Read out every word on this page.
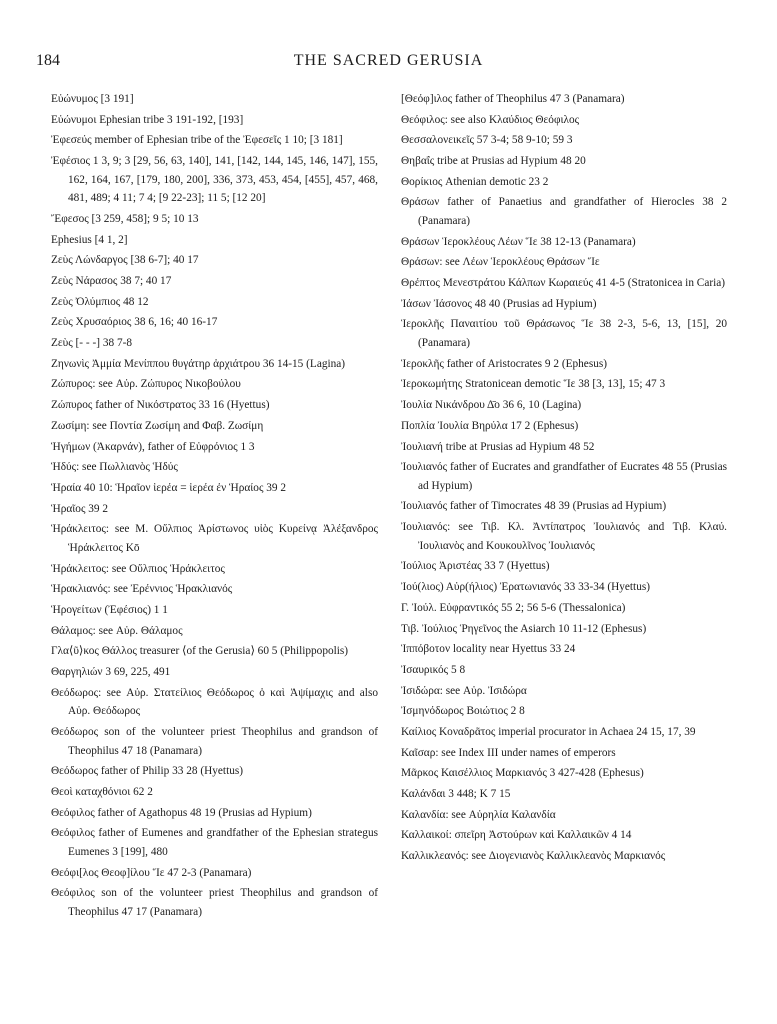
184	THE SACRED GERUSIA

Εὐώνυμος [3 191]

Εὐώνυμοι Ephesian tribe 3 191-192, [193]

Ἐφεσεύς member of Ephesian tribe of the Ἐφεσεῖς 1 10; [3 181]

Ἐφέσιος 1 3, 9; 3 [29, 56, 63, 140], 141, [142, 144, 145, 146, 147], 155, 162, 164, 167, [179, 180, 200], 336, 373, 453, 454, [455], 457, 468, 481, 489; 4 11; 7 4; [9 22-23]; 11 5; [12 20]

Ἔφεσος [3 259, 458]; 9 5; 10 13

Ephesius [4 1, 2]

Ζεὺς Λώνδαργος [38 6-7]; 40 17

Ζεὺς Νάρασος 38 7; 40 17

Ζεὺς Ὀλύμπιος 48 12

Ζεὺς Χρυσαόριος 38 6, 16; 40 16-17

Ζεὺς [- - -] 38 7-8

Ζηνωνὶς Ἀμμία Μενίππου θυγάτηρ ἀρχιάτρου 36 14-15 (Lagina)

Ζώπυρος: see Αὐρ. Ζώπυρος Νικοβούλου

Ζώπυρος father of Νικόστρατος 33 16 (Hyettus)

Ζωσίμη: see Ποντία Ζωσίμη and Φαβ. Ζωσίμη

Ἡγήμων (Ἀκαρνάν), father of Εὐφρόνιος 1 3

Ἡδύς: see Πωλλιανὸς Ἡδύς

Ἡραία 40 10: Ἡραῖον ἱερέα = ἱερέα ἐν Ἡραίος 39 2

Ἡραῖος 39 2

Ἡράκλειτος: see Μ. Οὔλπιος Ἀρίστωνος υἱὸς Κυρείνᾳ Ἀλέξανδρος Ἡράκλειτος Κō

Ἡράκλειτος: see Οὔλπιος Ἡράκλειτος

Ἡρακλιανός: see Ἐρέννιος Ἡρακλιανός

Ἡρογείτων (Ἐφέσιος) 1 1

Θάλαμος: see Αὐρ. Θάλαμος

Γλα⟨ῦ⟩κος Θάλλος treasurer ⟨of the Gerusia⟩ 60 5 (Philippopolis)

Θαργηλιών 3 69, 225, 491

Θεόδωρος: see Αὐρ. Στατείλιος Θεόδωρος ὁ καὶ Ἀψίμαχις and also Αὐρ. Θεόδωρος

Θεόδωρος son of the volunteer priest Theophilus and grandson of Theophilus 47 18 (Panamara)

Θεόδωρος father of Philip 33 28 (Hyettus)

Θεοὶ καταχθόνιοι 62 2

Θεόφιλος father of Agathopus 48 19 (Prusias ad Hypium)

Θεόφιλος father of Eumenes and grandfather of the Ephesian strategus Eumenes 3 [199], 480

Θεόφι[λος Θεοφ]ίλου Ἵε 47 2-3 (Panamara)

Θεόφιλος son of the volunteer priest Theophilus and grandson of Theophilus 47 17 (Panamara)

[Θεόφ]ιλος father of Theophilus 47 3 (Panamara)

Θεόφιλος: see also Κλαύδιος Θεόφιλος

Θεσσαλονεικεῖς 57 3-4; 58 9-10; 59 3

Θηβαΐς tribe at Prusias ad Hypium 48 20

Θορίκιος Athenian demotic 23 2

Θράσων father of Panaetius and grandfather of Hierocles 38 2 (Panamara)

Θράσων Ἱεροκλέους Λέων Ἵε 38 12-13 (Panamara)

Θράσων: see Λέων Ἱεροκλέους Θράσων Ἵε

Θρέπτος Μενεστράτου Κάλπων Κωραιεύς 41 4-5 (Stratonicea in Caria)

Ἰάσων Ἰάσονος 48 40 (Prusias ad Hypium)

Ἱεροκλῆς Παναιτίου τοῦ Θράσωνος Ἵε 38 2-3, 5-6, 13, [15], 20 (Panamara)

Ἱεροκλῆς father of Aristocrates 9 2 (Ephesus)

Ἱεροκωμήτης Stratonicean demotic Ἵε 38 [3, 13], 15; 47 3

Ἰουλία Νικάνδρου Δ̄ο 36 6, 10 (Lagina)

Ποπλία Ἰουλία Βηρύλα 17 2 (Ephesus)

Ἰουλιανή tribe at Prusias ad Hypium 48 52

Ἰουλιανός father of Eucrates and grandfather of Eucrates 48 55 (Prusias ad Hypium)

Ἰουλιανός father of Timocrates 48 39 (Prusias ad Hypium)

Ἰουλιανός: see Τιβ. Κλ. Ἀντίπατρος Ἰουλιανός and Τιβ. Κλαύ. Ἰουλιανὸς and Κουκουλῖνος Ἰουλιανός

Ἰούλιος Ἀριστέας 33 7 (Hyettus)

Ἰού(λιος) Αὐρ(ήλιος) Ἐρατωνιανός 33 33-34 (Hyettus)

Γ. Ἰούλ. Εὐφραντικός 55 2; 56 5-6 (Thessalonica)

Τιβ. Ἰούλιος Ῥηγεῖνος the Asiarch 10 11-12 (Ephesus)

Ἱππόβοτον locality near Hyettus 33 24

Ἰσαυρικός 5 8

Ἰσιδώρα: see Αὐρ. Ἰσιδώρα

Ἰσμηνόδωρος Βοιώτιος 2 8

Καίλιος Κοναδρᾶτος imperial procurator in Achaea 24 15, 17, 39

Καῖσαρ: see Index III under names of emperors

Μᾶρκος Καισέλλιος Μαρκιανός 3 427-428 (Ephesus)

Καλάνδαι 3 448; K 7 15

Καλανδία: see Αὐρηλία Καλανδία

Καλλαικοί: σπεῖρη Ἀστούρων καὶ Καλλαικῶν 4 14

Καλλικλεανός: see Διογενιανὸς Καλλικλεανὸς Μαρκιανός
